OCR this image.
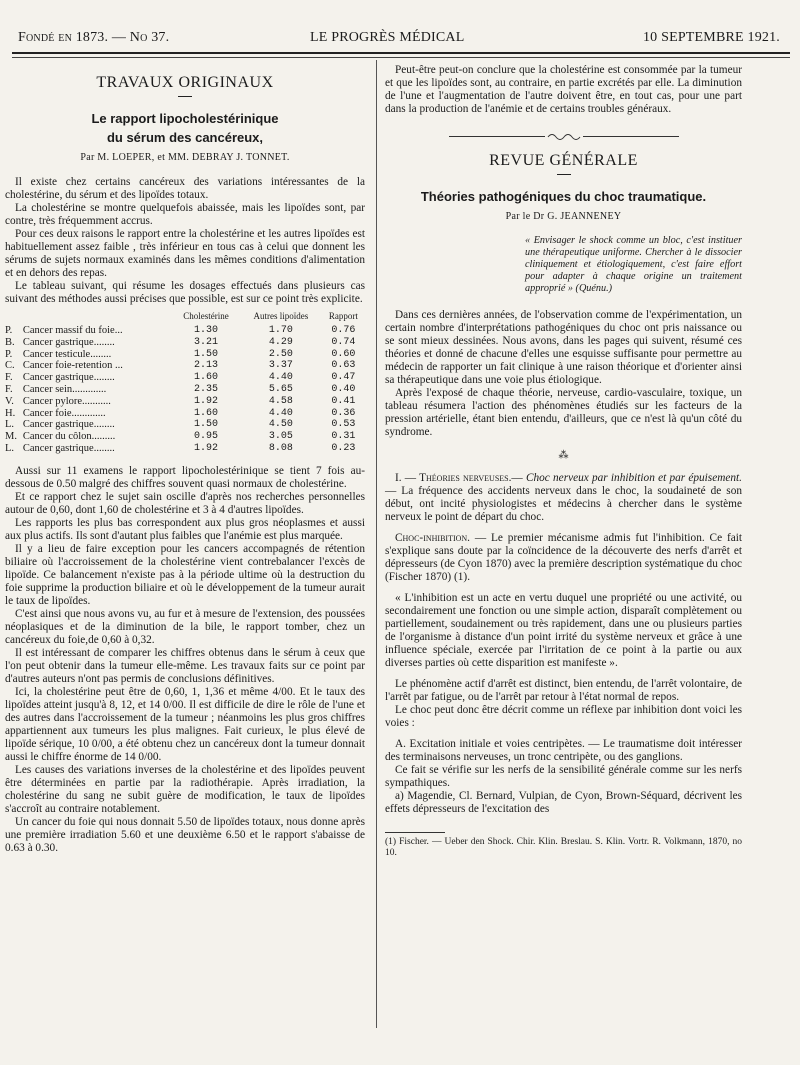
Fondé en 1873. — No 37.	LE PROGRÈS MÉDICAL	10 SEPTEMBRE 1921.
TRAVAUX ORIGINAUX
Le rapport lipocholestérinique
du sérum des cancéreux,
Par M. LOEPER, et MM. DEBRAY J. TONNET.

Il existe chez certains cancéreux des variations intéressantes de la cholestérine, du sérum et des lipoïdes totaux.

La cholestérine se montre quelquefois abaissée, mais les lipoïdes sont, par contre, très fréquemment accrus.

Pour ces deux raisons le rapport entre la cholestérine et les autres lipoïdes est habituellement assez faible , très inférieur en tous cas à celui que donnent les sérums de sujets normaux examinés dans les mêmes conditions d'alimentation et en dehors des repas.

Le tableau suivant, qui résume les dosages effectués dans plusieurs cas suivant des méthodes aussi précises que possible, est sur ce point très explicite.

		Cholestérine	Autres lipoïdes	Rapport
P.	Cancer massif du foie...	1.30	1.70	0.76
B.	Cancer gastrique........	3.21	4.29	0.74
P.	Cancer testicule........	1.50	2.50	0.60
C.	Cancer foie-retention ...	2.13	3.37	0.63
F.	Cancer gastrique........	1.60	4.40	0.47
F.	Cancer sein.............	2.35	5.65	0.40
V.	Cancer pylore...........	1.92	4.58	0.41
H.	Cancer foie.............	1.60	4.40	0.36
L.	Cancer gastrique........	1.50	4.50	0.53
M.	Cancer du côlon.........	0.95	3.05	0.31
L.	Cancer gastrique........	1.92	8.08	0.23

Aussi sur 11 examens le rapport lipocholestérinique se tient 7 fois au-dessous de 0.50 malgré des chiffres souvent quasi normaux de cholestérine.

Et ce rapport chez le sujet sain oscille d'après nos recherches personnelles autour de 0,60, dont 1,60 de cholestérine et 3 à 4 d'autres lipoïdes.

Les rapports les plus bas correspondent aux plus gros néoplasmes et aussi aux plus actifs. Ils sont d'autant plus faibles que l'anémie est plus marquée.

Il y a lieu de faire exception pour les cancers accompagnés de rétention biliaire où l'accroissement de la cholestérine vient contrebalancer l'excès de lipoïde. Ce balancement n'existe pas à la période ultime où la destruction du foie supprime la production biliaire et où le développement de la tumeur aurait le taux de lipoïdes.

C'est ainsi que nous avons vu, au fur et à mesure de l'extension, des poussées néoplasiques et de la diminution de la bile, le rapport tomber, chez un cancéreux du foie,de 0,60 à 0,32.

Il est intéressant de comparer les chiffres obtenus dans le sérum à ceux que l'on peut obtenir dans la tumeur elle-même. Les travaux faits sur ce point par d'autres auteurs n'ont pas permis de conclusions définitives.

Ici, la cholestérine peut être de 0,60, 1, 1,36 et même 4/00. Et le taux des lipoïdes atteint jusqu'à 8, 12, et 14 0/00. Il est difficile de dire le rôle de l'une et des autres dans l'accroissement de la tumeur ; néanmoins les plus gros chiffres appartiennent aux tumeurs les plus malignes. Fait curieux, le plus élevé de lipoïde sérique, 10 0/00, a été obtenu chez un cancéreux dont la tumeur donnait aussi le chiffre énorme de 14 0/00.

Les causes des variations inverses de la cholestérine et des lipoïdes peuvent être déterminées en partie par la radiothérapie. Après irradiation, la cholestérine du sang ne subit guère de modification, le taux de lipoïdes s'accroît au contraire notablement.

Un cancer du foie qui nous donnait 5.50 de lipoïdes totaux, nous donne après une première irradiation 5.60 et une deuxième 6.50 et le rapport s'abaisse de 0.63 à 0.30.

Peut-être peut-on conclure que la cholestérine est consommée par la tumeur et que les lipoïdes sont, au contraire, en partie excrétés par elle. La diminution de l'une et l'augmentation de l'autre doivent être, en tout cas, pour une part dans la production de l'anémie et de certains troubles généraux.

REVUE GÉNÉRALE
Théories pathogéniques du choc traumatique.
Par le Dr G. JEANNENEY
« Envisager le shock comme un bloc, c'est instituer une thérapeutique uniforme. Chercher à le dissocier cliniquement et étiologiquement, c'est faire effort pour adapter à chaque origine un traitement approprié » (Quénu.)

Dans ces dernières années, de l'observation comme de l'expérimentation, un certain nombre d'interprétations pathogéniques du choc ont pris naissance ou se sont mieux dessinées. Nous avons, dans les pages qui suivent, résumé ces théories et donné de chacune d'elles une esquisse suffisante pour permettre au médecin de rapporter un fait clinique à une raison théorique et d'orienter ainsi sa thérapeutique dans une voie plus étiologique.

Après l'exposé de chaque théorie, nerveuse, cardio-vasculaire, toxique, un tableau résumera l'action des phénomènes étudiés sur les facteurs de la pression artérielle, étant bien entendu, d'ailleurs, que ce n'est là qu'un côté du syndrome.

⁂

I. — Théories nerveuses.— Choc nerveux par inhibition et par épuisement. — La fréquence des accidents nerveux dans le choc, la soudaineté de son début, ont incité physiologistes et médecins à chercher dans le système nerveux le point de départ du choc.

Choc-inhibition. — Le premier mécanisme admis fut l'inhibition. Ce fait s'explique sans doute par la coïncidence de la découverte des nerfs d'arrêt et dépresseurs (de Cyon 1870) avec la première description systématique du choc (Fischer 1870) (1).

« L'inhibition est un acte en vertu duquel une propriété ou une activité, ou secondairement une fonction ou une simple action, disparaît complètement ou partiellement, soudainement ou très rapidement, dans une ou plusieurs parties de l'organisme à distance d'un point irrité du système nerveux et grâce à une influence spéciale, exercée par l'irritation de ce point à la partie ou aux diverses parties où cette disparition est manifeste ».

Le phénomène actif d'arrêt est distinct, bien entendu, de l'arrêt volontaire, de l'arrêt par fatigue, ou de l'arrêt par retour à l'état normal de repos.

Le choc peut donc être décrit comme un réflexe par inhibition dont voici les voies :

A. Excitation initiale et voies centripètes. — Le traumatisme doit intéresser des terminaisons nerveuses, un tronc centripète, ou des ganglions.

Ce fait se vérifie sur les nerfs de la sensibilité générale comme sur les nerfs sympathiques.

a) Magendie, Cl. Bernard, Vulpian, de Cyon, Brown-Séquard, décrivent les effets dépresseurs de l'excitation des

(1) Fischer. — Ueber den Shock. Chir. Klin. Breslau. S. Klin. Vortr. R. Volkmann, 1870, no 10.
